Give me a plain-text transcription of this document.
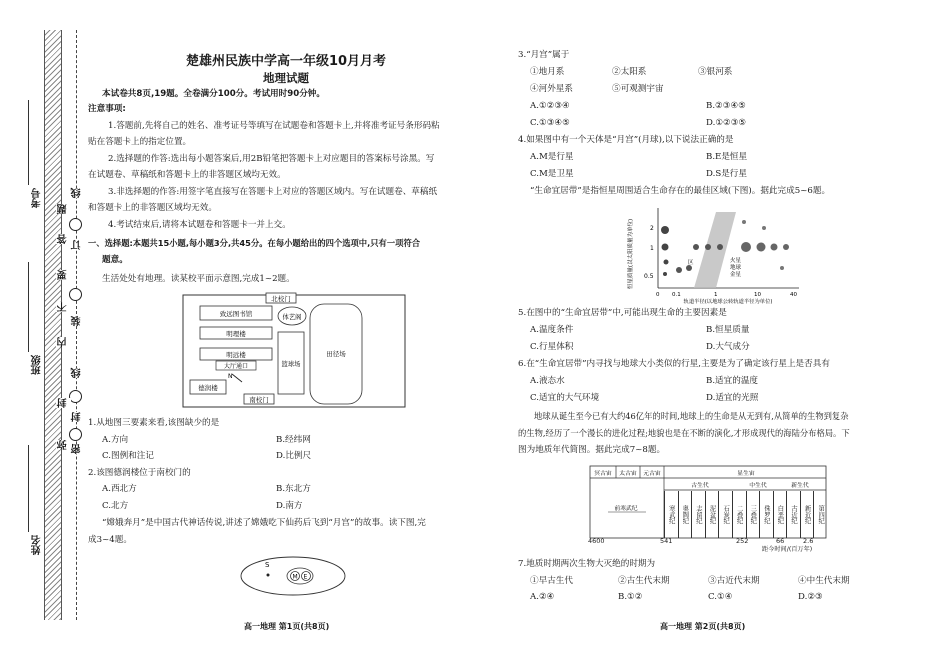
考号
班级
姓名
线
题
答
订
要
不
装
内
线
封
封
密
弥
楚雄州民族中学高一年级10月月考
地理试题
本试卷共8页,19题。全卷满分100分。考试用时90分钟。
注意事项:
1.答题前,先将自己的姓名、准考证号等填写在试题卷和答题卡上,并将准考证号条形码粘
贴在答题卡上的指定位置。
2.选择题的作答:选出每小题答案后,用2B铅笔把答题卡上对应题目的答案标号涂黑。写
在试题卷、草稿纸和答题卡上的非答题区域均无效。
3.非选择题的作答:用签字笔直接写在答题卡上对应的答题区域内。写在试题卷、草稿纸
和答题卡上的非答题区域均无效。
4.考试结束后,请将本试题卷和答题卡一并上交。
一、选择题:本题共15小题,每小题3分,共45分。在每小题给出的四个选项中,只有一项符合
题意。
生活处处有地理。读某校平面示意图,完成1~2题。
北校门
致远图书馆	体艺阁
明理楼
明远楼
大厅通口
德润楼
篮球场
田径场
南校门
N
1.从地图三要素来看,该图缺少的是
A.方向	B.经纬网
C.图例和注记	D.比例尺
2.该图德润楼位于南校门的
A.西北方	B.东北方
C.北方	D.南方
“嫦娥奔月”是中国古代神话传说,讲述了嫦娥吃下仙药后飞到“月宫”的故事。读下图,完
成3~4题。
S
M E
高一地理 第1页(共8页)
3.“月宫”属于
①地月系	②太阳系	③银河系
④河外星系	⑤可观测宇宙
A.①②③④	B.②③④⑤
C.①③④⑤	D.①②③⑤
4.如果图中有一个天体是“月宫”(月球),以下说法正确的是
A.M是行星	B.E是恒星
C.M是卫星	D.S是行星
“生命宜居带”是指恒星周围适合生命存在的最佳区域(下图)。据此完成5~6题。
恒星质量(以太阳质量为单位)	2
1
0.5
区	火星
地球
金星
0 0.1	1	10	40
轨道半径(以地球公转轨道半径为单位)
5.在图中的“生命宜居带”中,可能出现生命的主要因素是
A.温度条件	B.恒星质量
C.行星体积	D.大气成分
6.在“生命宜居带”内寻找与地球大小类似的行星,主要是为了确定该行星上是否具有
A.液态水	B.适宜的温度
C.适宜的大气环境	D.适宜的光照
地球从诞生至今已有大约46亿年的时间,地球上的生命是从无到有,从简单的生物到复杂
的生物,经历了一个漫长的进化过程;地貌也是在不断的演化,才形成现代的海陆分布格局。下
图为地质年代简图。据此完成7~8题。
冥古宙 太古宙 元古宙	显生宙
古生代	中生代	新生代
前寒武纪	寒武纪	奥陶纪	志留纪	泥盆纪	石炭纪	二叠纪	三叠纪	侏罗纪	白垩纪	古近纪	新近纪	第四纪
4600	541	252	66	2.6
距今时间/(百万年)
7.地质时期两次生物大灭绝的时期为
①早古生代	②古生代末期	③古近代末期	④中生代末期
A.②④	B.①②	C.①④	D.②③
高一地理 第2页(共8页)
